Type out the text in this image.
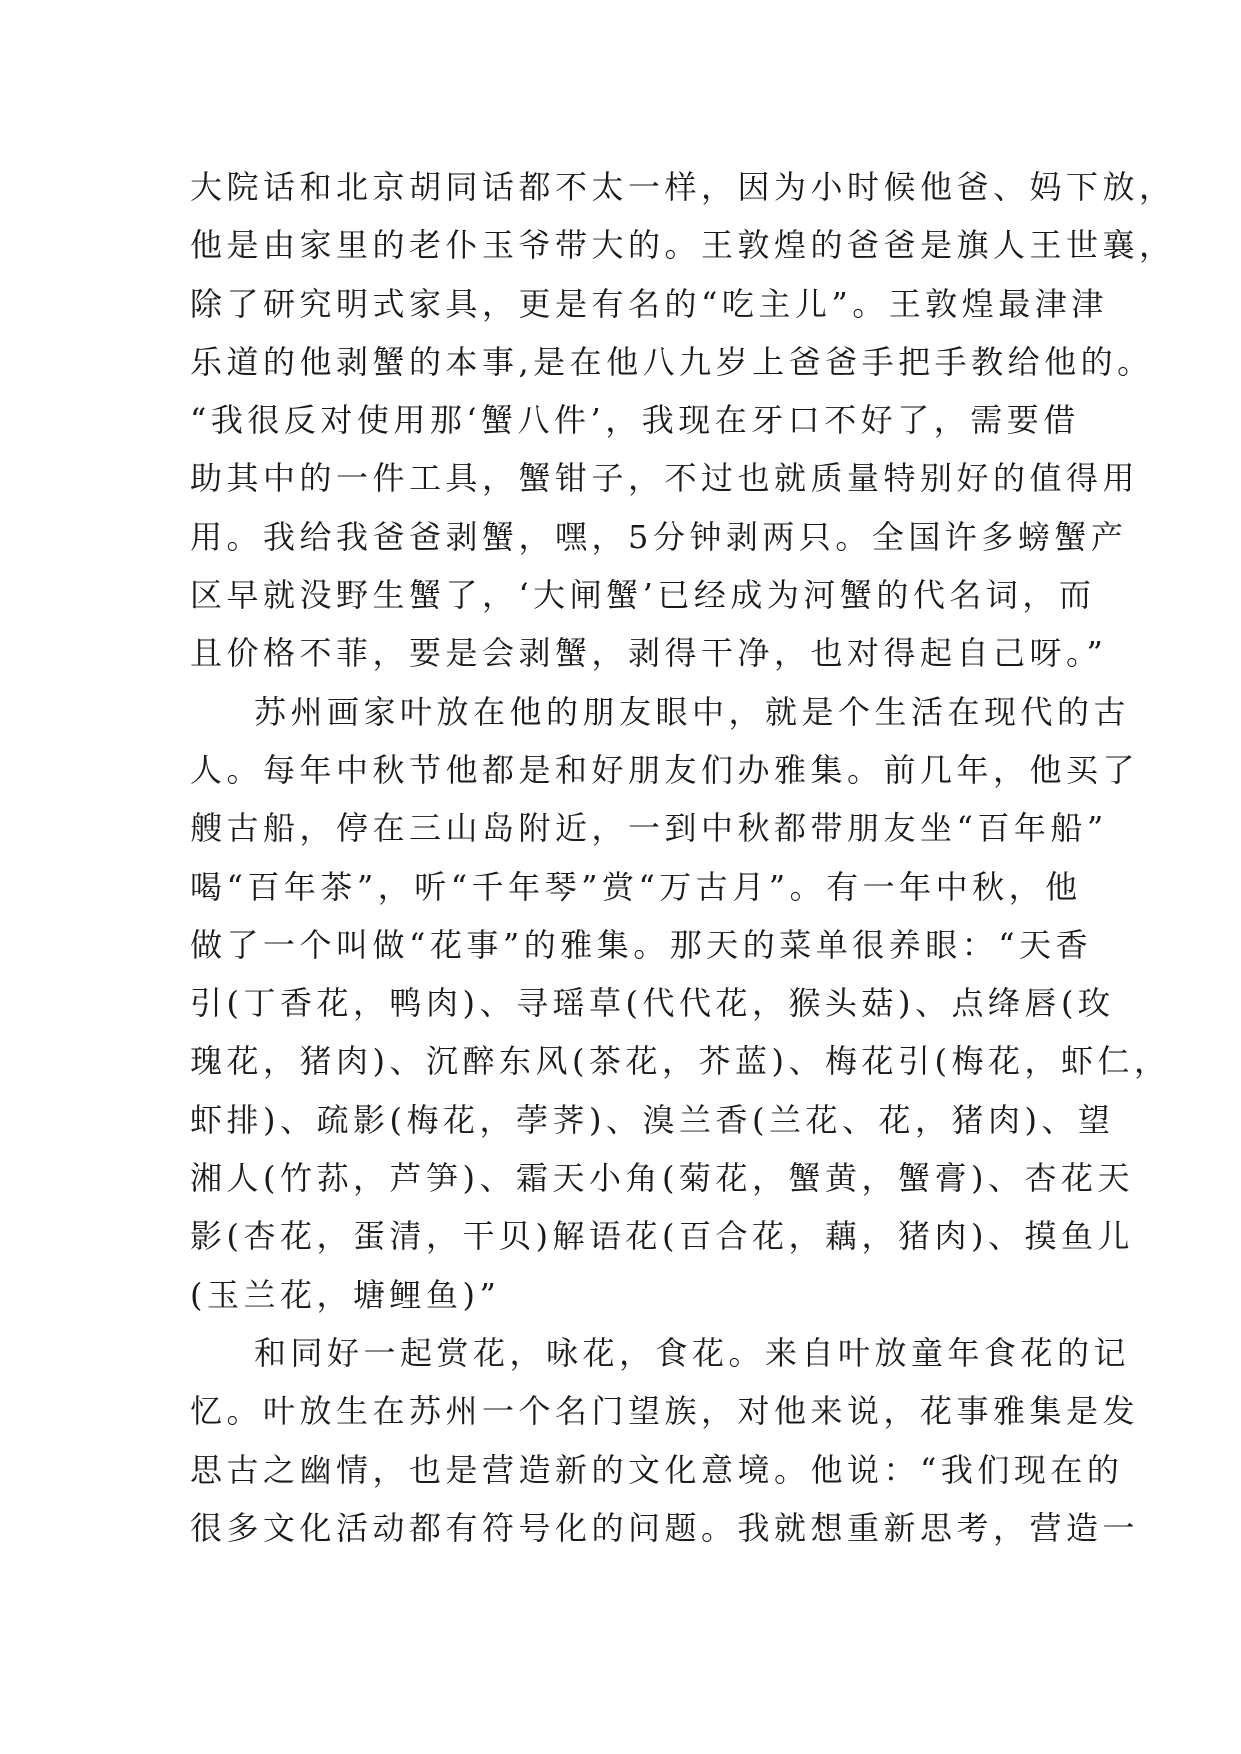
大院话和北京胡同话都不太一样，因为小时候他爸、妈下放，
他是由家里的老仆玉爷带大的。王敦煌的爸爸是旗人王世襄，
除了研究明式家具，更是有名的“吃主儿”。王敦煌最津津
乐道的他剥蟹的本事,是在他八九岁上爸爸手把手教给他的。
“我很反对使用那‘蟹八件’，我现在牙口不好了，需要借
助其中的一件工具，蟹钳子，不过也就质量特别好的值得用
用。我给我爸爸剥蟹，嘿，5分钟剥两只。全国许多螃蟹产
区早就没野生蟹了，‘大闸蟹’已经成为河蟹的代名词，而
且价格不菲，要是会剥蟹，剥得干净，也对得起自己呀。”
苏州画家叶放在他的朋友眼中，就是个生活在现代的古
人。每年中秋节他都是和好朋友们办雅集。前几年，他买了
艘古船，停在三山岛附近，一到中秋都带朋友坐“百年船”
喝“百年茶”，听“千年琴”赏“万古月”。有一年中秋，他
做了一个叫做“花事”的雅集。那天的菜单很养眼：“天香
引(丁香花，鸭肉)、寻瑶草(代代花，猴头菇)、点绛唇(玫
瑰花，猪肉)、沉醉东风(茶花，芥蓝)、梅花引(梅花，虾仁，
虾排)、疏影(梅花，荸荠)、溴兰香(兰花、花，猪肉)、望
湘人(竹荪，芦笋)、霜天小角(菊花，蟹黄，蟹膏)、杏花天
影(杏花，蛋清，干贝)解语花(百合花，藕，猪肉)、摸鱼儿
(玉兰花，塘鲤鱼)”
和同好一起赏花，咏花，食花。来自叶放童年食花的记
忆。叶放生在苏州一个名门望族，对他来说，花事雅集是发
思古之幽情，也是营造新的文化意境。他说：“我们现在的
很多文化活动都有符号化的问题。我就想重新思考，营造一
